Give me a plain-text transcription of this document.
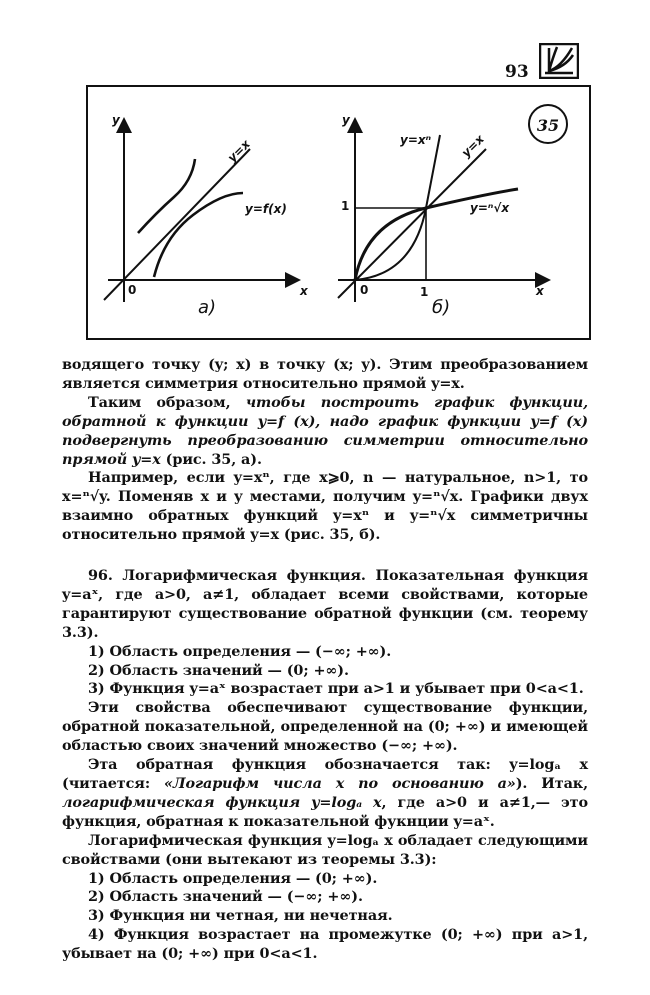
93
y
x
0
y=x
y=f(x)
а)
y
x
0	1
1
y=xⁿ y=x
y=ⁿ√x
б)
35

водящего точку (y; x) в точку (x; y). Этим преобразованием является симметрия относительно прямой y=x.

Таким образом, чтобы построить график функции, обратной к функции y=f (x), надо график функции y=f (x) подвергнуть преобразованию симметрии относительно прямой y=x (рис. 35, а).

Например, если y=xⁿ, где x⩾0, n — натуральное, n>1, то x=ⁿ√y. Поменяв x и y местами, получим y=ⁿ√x. Графики двух взаимно обратных функций y=xⁿ и y=ⁿ√x симметричны относительно прямой y=x (рис. 35, б).

96. Логарифмическая функция. Показательная функция y=aˣ, где a>0, a≠1, обладает всеми свойствами, которые гарантируют существование обратной функции (см. теорему 3.3).

1) Область определения — (−∞; +∞).

2) Область значений — (0; +∞).

3) Функция y=aˣ возрастает при a>1 и убывает при 0<a<1.

Эти свойства обеспечивают существование функции, обратной показательной, определенной на (0; +∞) и имеющей областью своих значений множество (−∞; +∞).

Эта обратная функция обозначается так: y=logₐ x (читается: «Логарифм числа x по основанию a»). Итак, логарифмическая функция y=logₐ x, где a>0 и a≠1,— это функция, обратная к показательной фукнции y=aˣ.

Логарифмическая функция y=logₐ x обладает следующими свойствами (они вытекают из теоремы 3.3):

1) Область определения — (0; +∞).

2) Область значений — (−∞; +∞).

3) Функция ни четная, ни нечетная.

4) Функция возрастает на промежутке (0; +∞) при a>1, убывает на (0; +∞) при 0<a<1.
